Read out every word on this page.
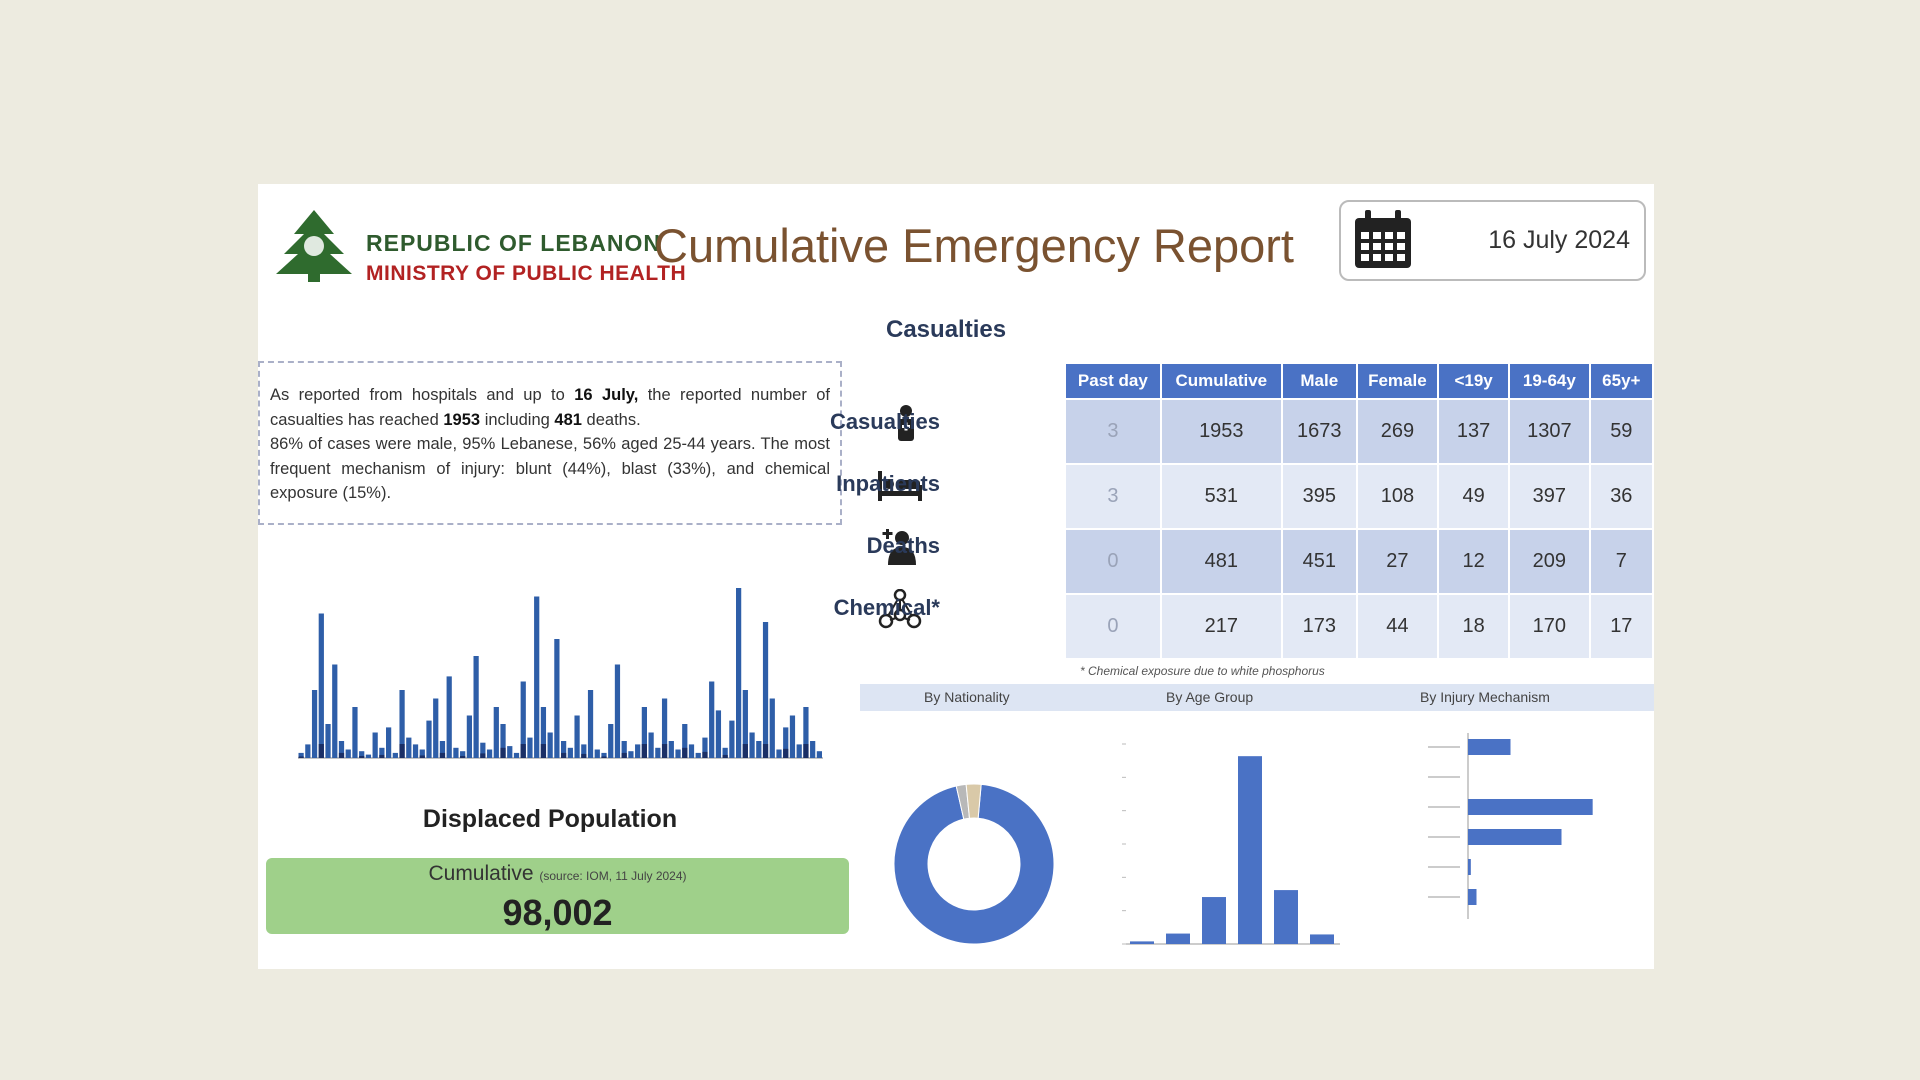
REPUBLIC OF LEBANON
MINISTRY OF PUBLIC HEALTH
Cumulative Emergency Report	16 July 2024
As reported from hospitals and up to 16 July, the reported number of casualties has reached 1953 including 481 deaths.
86% of cases were male, 95% Lebanese, 56% aged 25-44 years. The most frequent mechanism of injury: blunt (44%), blast (33%), and chemical exposure (15%).
Displaced Population
Cumulative (source: IOM, 11 July 2024)
98,002
Casualties
Casualties
Inpatients
Deaths
Chemical*
Past day	Cumulative	Male	Female	<19y	19-64y	65y+
3	1953	1673	269	137	1307	59
3	531	395	108	49	397	36
0	481	451	27	12	209	7
0	217	173	44	18	170	17
* Chemical exposure due to white phosphorus
By Nationality	By Age Group	By Injury Mechanism
